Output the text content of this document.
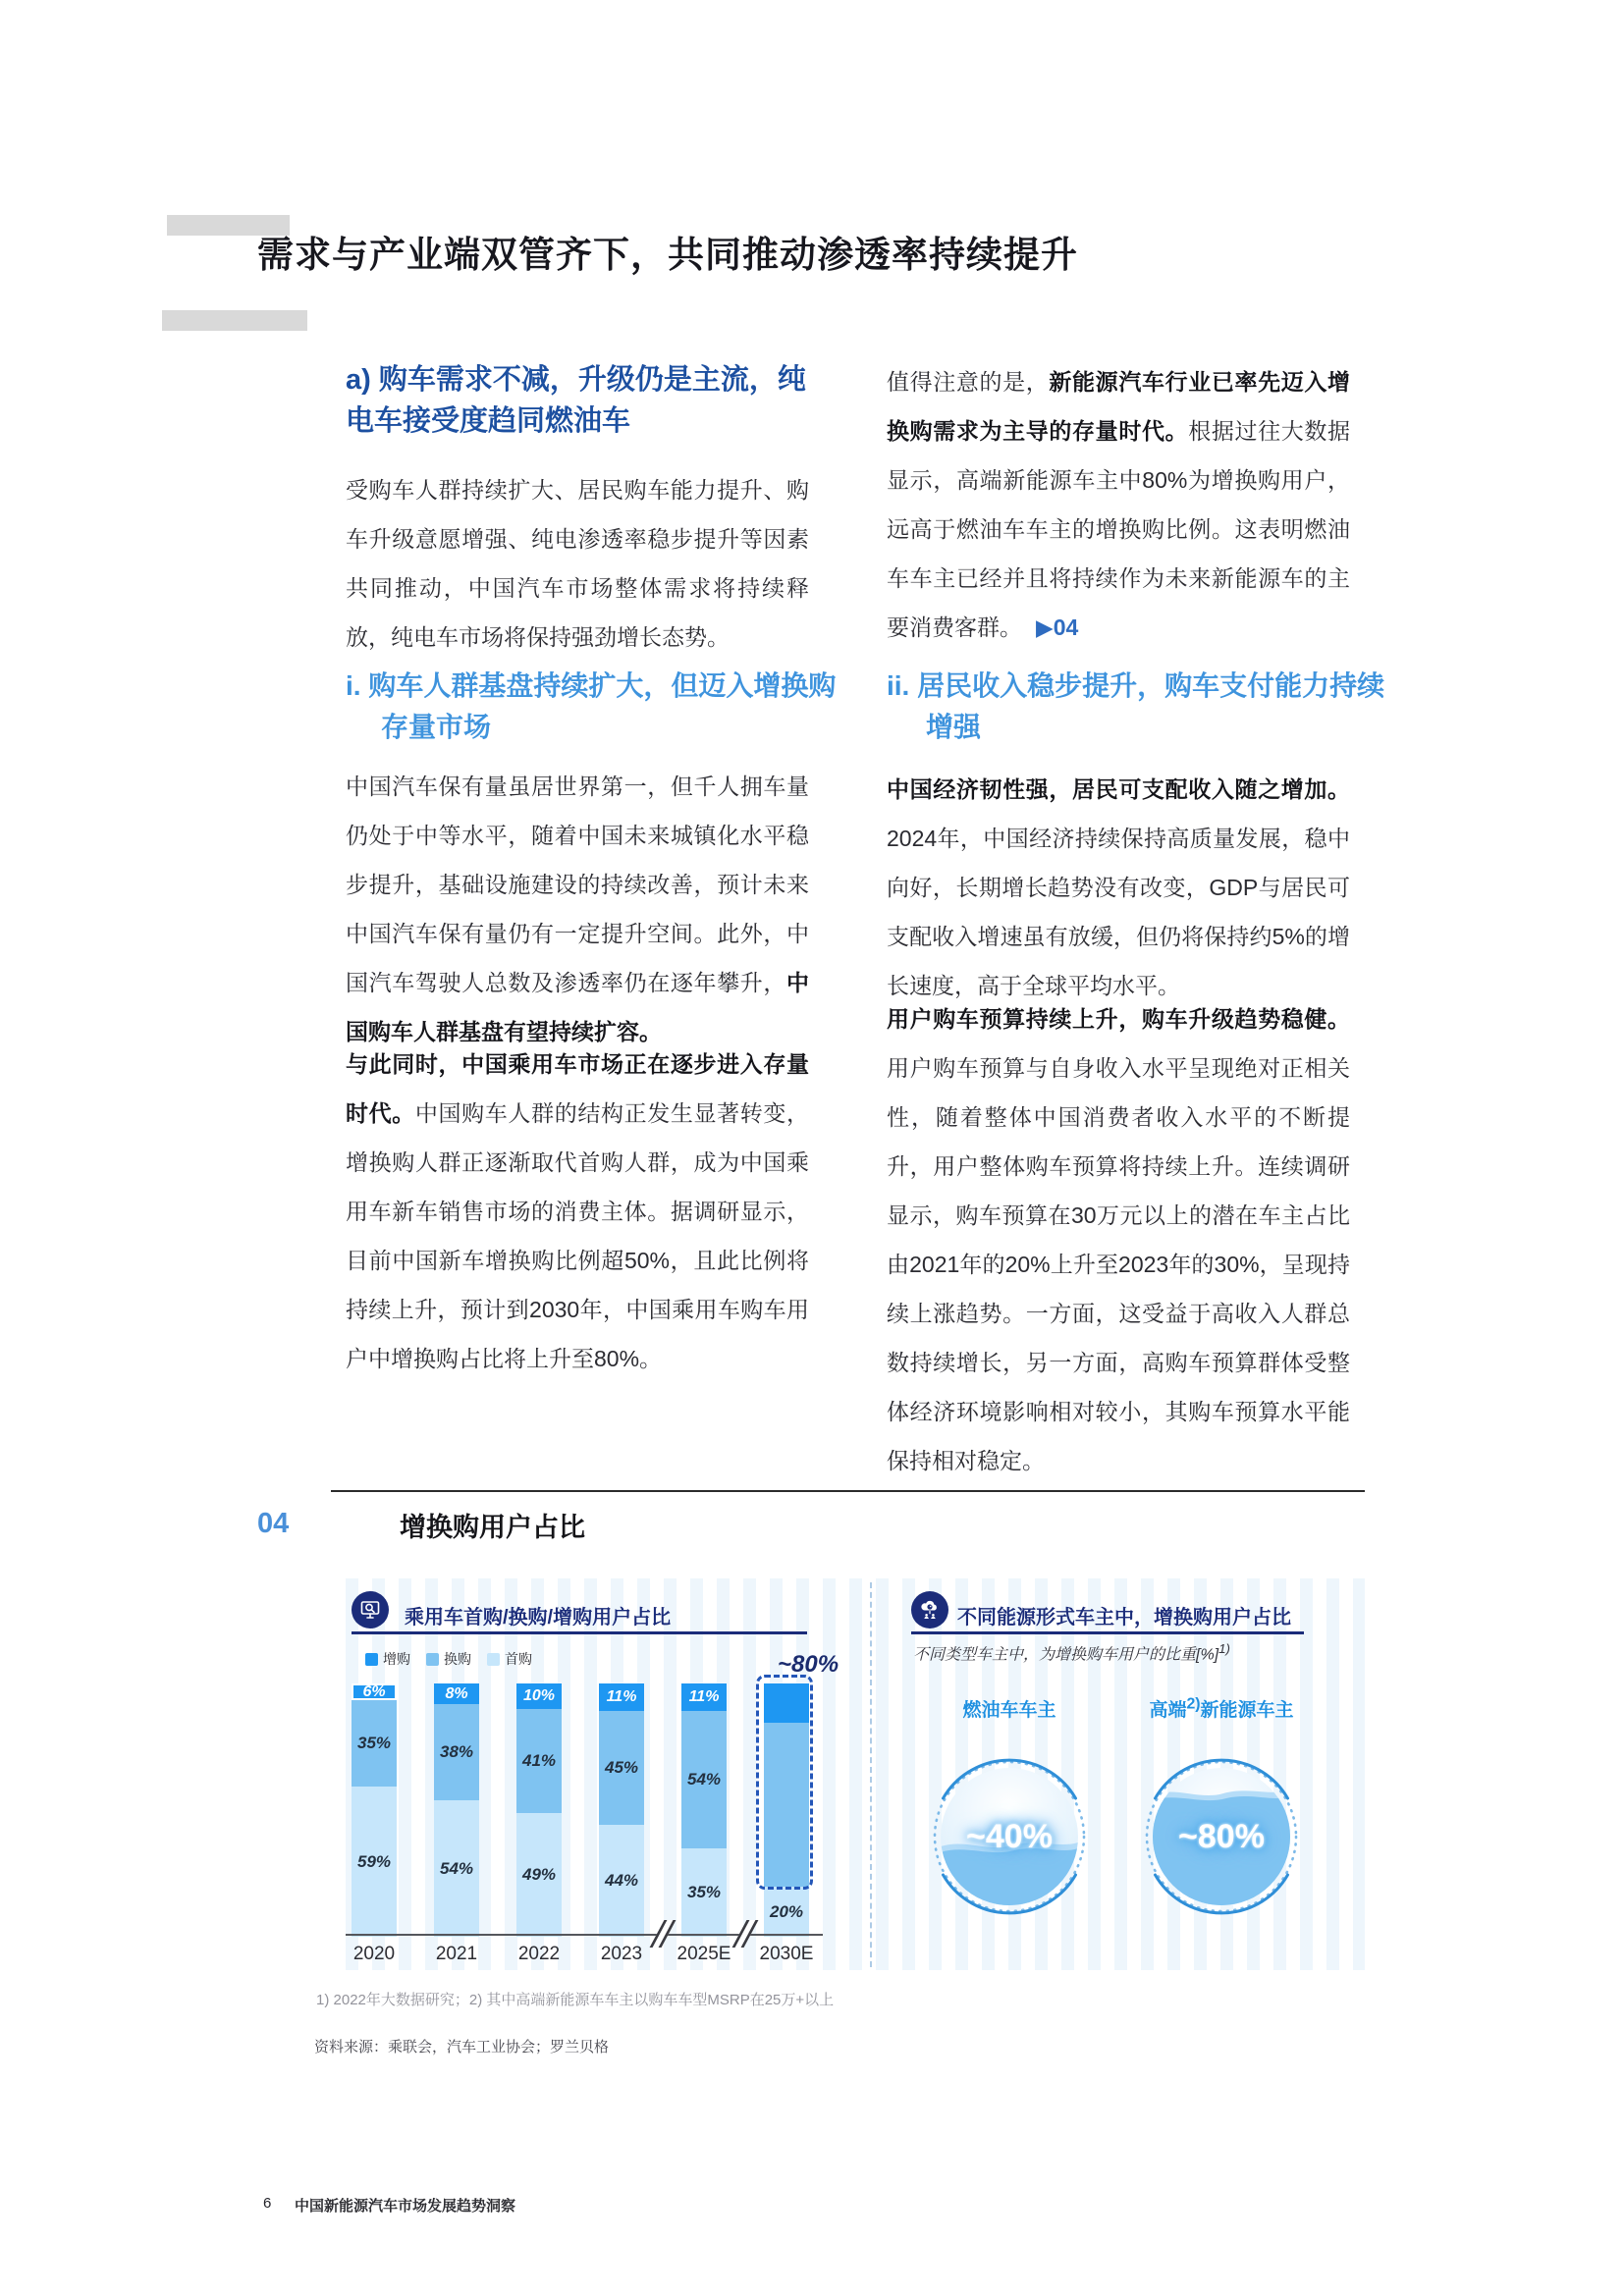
需求与产业端双管齐下，共同推动渗透率持续提升
a) 购车需求不减，升级仍是主流，纯电车接受度趋同燃油车
受购车人群持续扩大、居民购车能力提升、购车升级意愿增强、纯电渗透率稳步提升等因素共同推动，中国汽车市场整体需求将持续释放，纯电车市场将保持强劲增长态势。
i. 购车人群基盘持续扩大，但迈入增换购存量市场
中国汽车保有量虽居世界第一，但千人拥车量仍处于中等水平，随着中国未来城镇化水平稳步提升，基础设施建设的持续改善，预计未来中国汽车保有量仍有一定提升空间。此外，中国汽车驾驶人总数及渗透率仍在逐年攀升，中国购车人群基盘有望持续扩容。
与此同时，中国乘用车市场正在逐步进入存量时代。中国购车人群的结构正发生显著转变，增换购人群正逐渐取代首购人群，成为中国乘用车新车销售市场的消费主体。据调研显示，目前中国新车增换购比例超50%，且此比例将持续上升，预计到2030年，中国乘用车购车用户中增换购占比将上升至80%。
值得注意的是，新能源汽车行业已率先迈入增换购需求为主导的存量时代。根据过往大数据显示，高端新能源车主中80%为增换购用户，远高于燃油车车主的增换购比例。这表明燃油车车主已经并且将持续作为未来新能源车的主要消费客群。 ▶04
ii. 居民收入稳步提升，购车支付能力持续增强
中国经济韧性强，居民可支配收入随之增加。2024年，中国经济持续保持高质量发展，稳中向好，长期增长趋势没有改变，GDP与居民可支配收入增速虽有放缓，但仍将保持约5%的增长速度，高于全球平均水平。
用户购车预算持续上升，购车升级趋势稳健。用户购车预算与自身收入水平呈现绝对正相关性，随着整体中国消费者收入水平的不断提升，用户整体购车预算将持续上升。连续调研显示，购车预算在30万元以上的潜在车主占比由2021年的20%上升至2023年的30%，呈现持续上涨趋势。一方面，这受益于高收入人群总数持续增长，另一方面，高购车预算群体受整体经济环境影响相对较小，其购车预算水平能保持相对稳定。
04	增换购用户占比
乘用车首购/换购/增购用户占比
增购 换购 首购
6%
35%
59%
8%
38%
54%
10%
41%
49%
11%
45%
44%
11%
54%
35%
20%
~80%
2020 2021 2022 2023 2025E 2030E
不同能源形式车主中，增换购用户占比
不同类型车主中，为增换购车用户的比重[%]$^{1)}$
燃油车车主	高端$^{2)}$新能源车主
~40%	~80%
1) 2022年大数据研究；2) 其中高端新能源车车主以购车车型MSRP在25万+以上
资料来源：乘联会，汽车工业协会；罗兰贝格
6 中国新能源汽车市场发展趋势洞察
